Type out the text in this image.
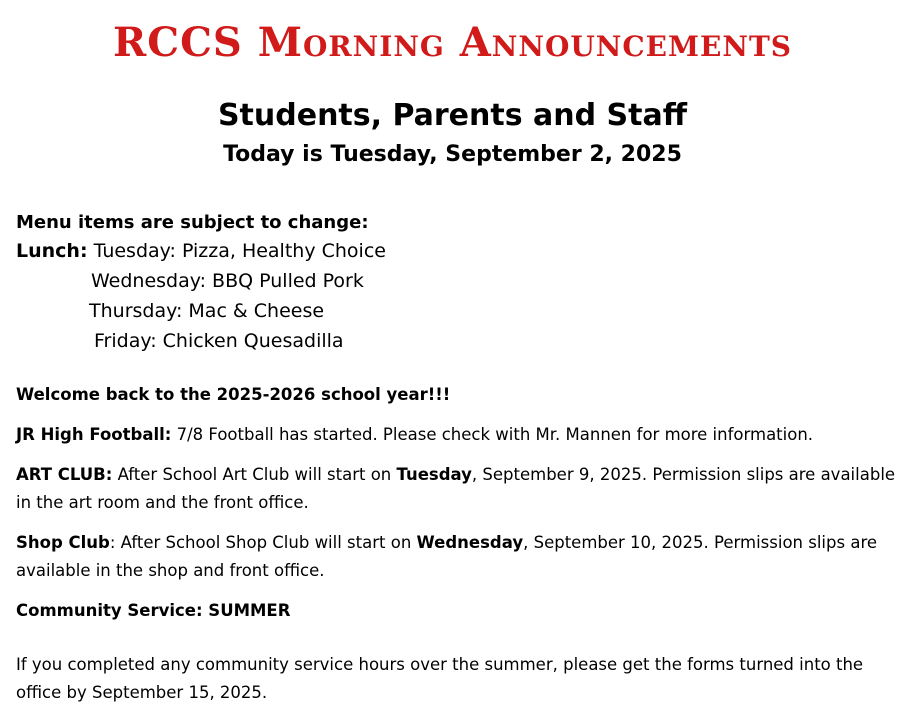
RCCS Morning Announcements
Students, Parents and Staff
Today is Tuesday, September 2, 2025
Menu items are subject to change:
Lunch: Tuesday: Pizza, Healthy Choice
Wednesday: BBQ Pulled Pork
Thursday: Mac & Cheese
Friday: Chicken Quesadilla

Welcome back to the 2025-2026 school year!!!

JR High Football: 7/8 Football has started. Please check with Mr. Mannen for more information.

ART CLUB: After School Art Club will start on Tuesday, September 9, 2025. Permission slips are available in the art room and the front office.

Shop Club: After School Shop Club will start on Wednesday, September 10, 2025. Permission slips are available in the shop and front office.

Community Service: SUMMER

If you completed any community service hours over the summer, please get the forms turned into the office by September 15, 2025.
